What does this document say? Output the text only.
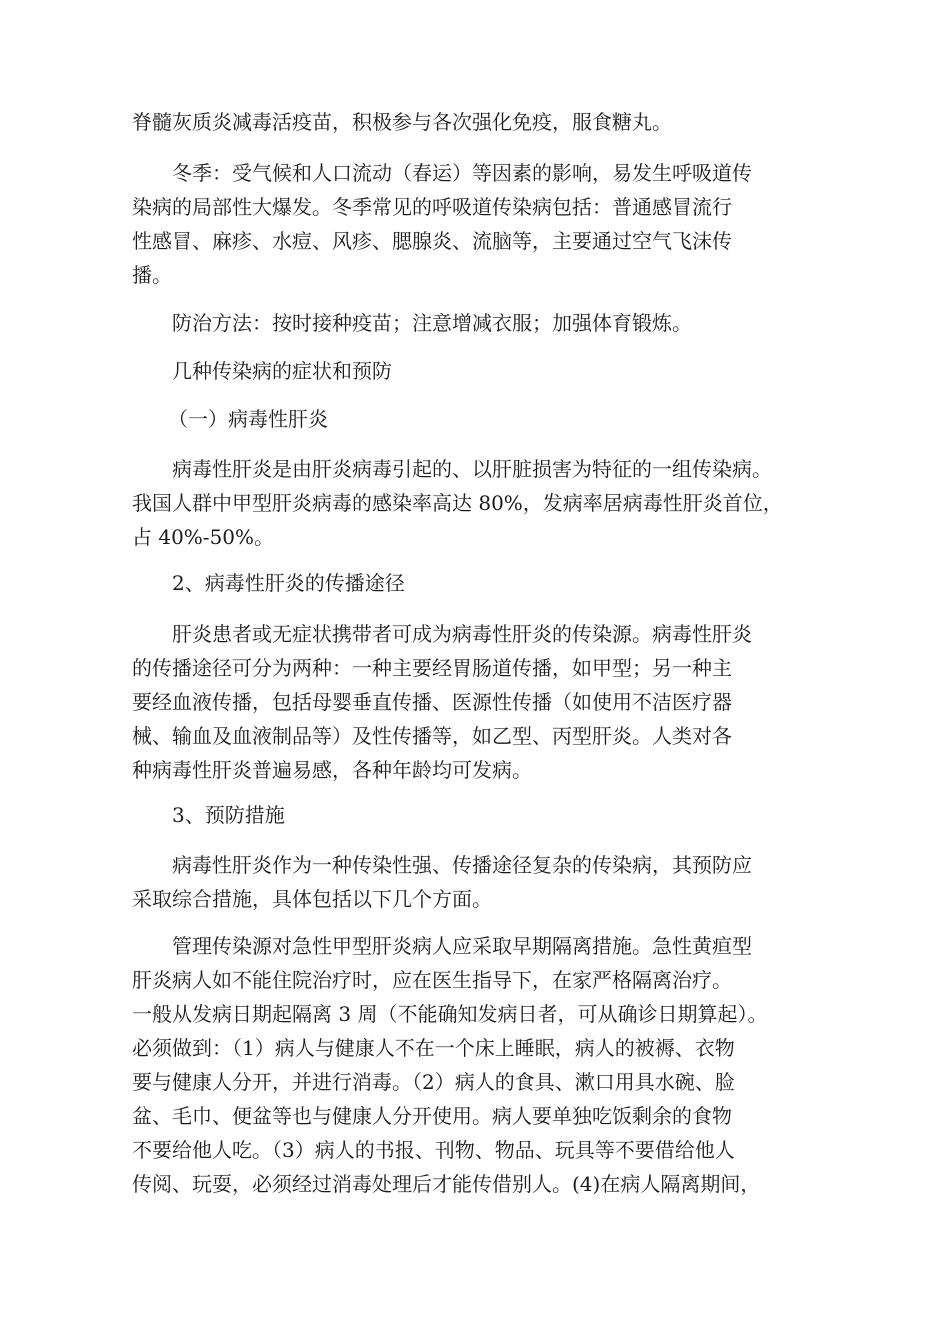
脊髓灰质炎减毒活疫苗，积极参与各次强化免疫，服食糖丸。
冬季：受气候和人口流动（春运）等因素的影响，易发生呼吸道传
染病的局部性大爆发。冬季常见的呼吸道传染病包括：普通感冒流行
性感冒、麻疹、水痘、风疹、腮腺炎、流脑等，主要通过空气飞沫传
播。
防治方法：按时接种疫苗；注意增减衣服；加强体育锻炼。
几种传染病的症状和预防
（一）病毒性肝炎
病毒性肝炎是由肝炎病毒引起的、以肝脏损害为特征的一组传染病。
我国人群中甲型肝炎病毒的感染率高达 80%，发病率居病毒性肝炎首位，
占 40%-50%。
2、病毒性肝炎的传播途径
肝炎患者或无症状携带者可成为病毒性肝炎的传染源。病毒性肝炎
的传播途径可分为两种：一种主要经胃肠道传播，如甲型；另一种主
要经血液传播，包括母婴垂直传播、医源性传播（如使用不洁医疗器
械、输血及血液制品等）及性传播等，如乙型、丙型肝炎。人类对各
种病毒性肝炎普遍易感，各种年龄均可发病。
3、预防措施
病毒性肝炎作为一种传染性强、传播途径复杂的传染病，其预防应
采取综合措施，具体包括以下几个方面。
管理传染源对急性甲型肝炎病人应采取早期隔离措施。急性黄疸型
肝炎病人如不能住院治疗时，应在医生指导下，在家严格隔离治疗。
一般从发病日期起隔离 3 周（不能确知发病日者，可从确诊日期算起）。
必须做到：（1）病人与健康人不在一个床上睡眠，病人的被褥、衣物
要与健康人分开，并进行消毒。（2）病人的食具、漱口用具水碗、脸
盆、毛巾、便盆等也与健康人分开使用。病人要单独吃饭剩余的食物
不要给他人吃。（3）病人的书报、刊物、物品、玩具等不要借给他人
传阅、玩耍，必须经过消毒处理后才能传借别人。(4)在病人隔离期间，
